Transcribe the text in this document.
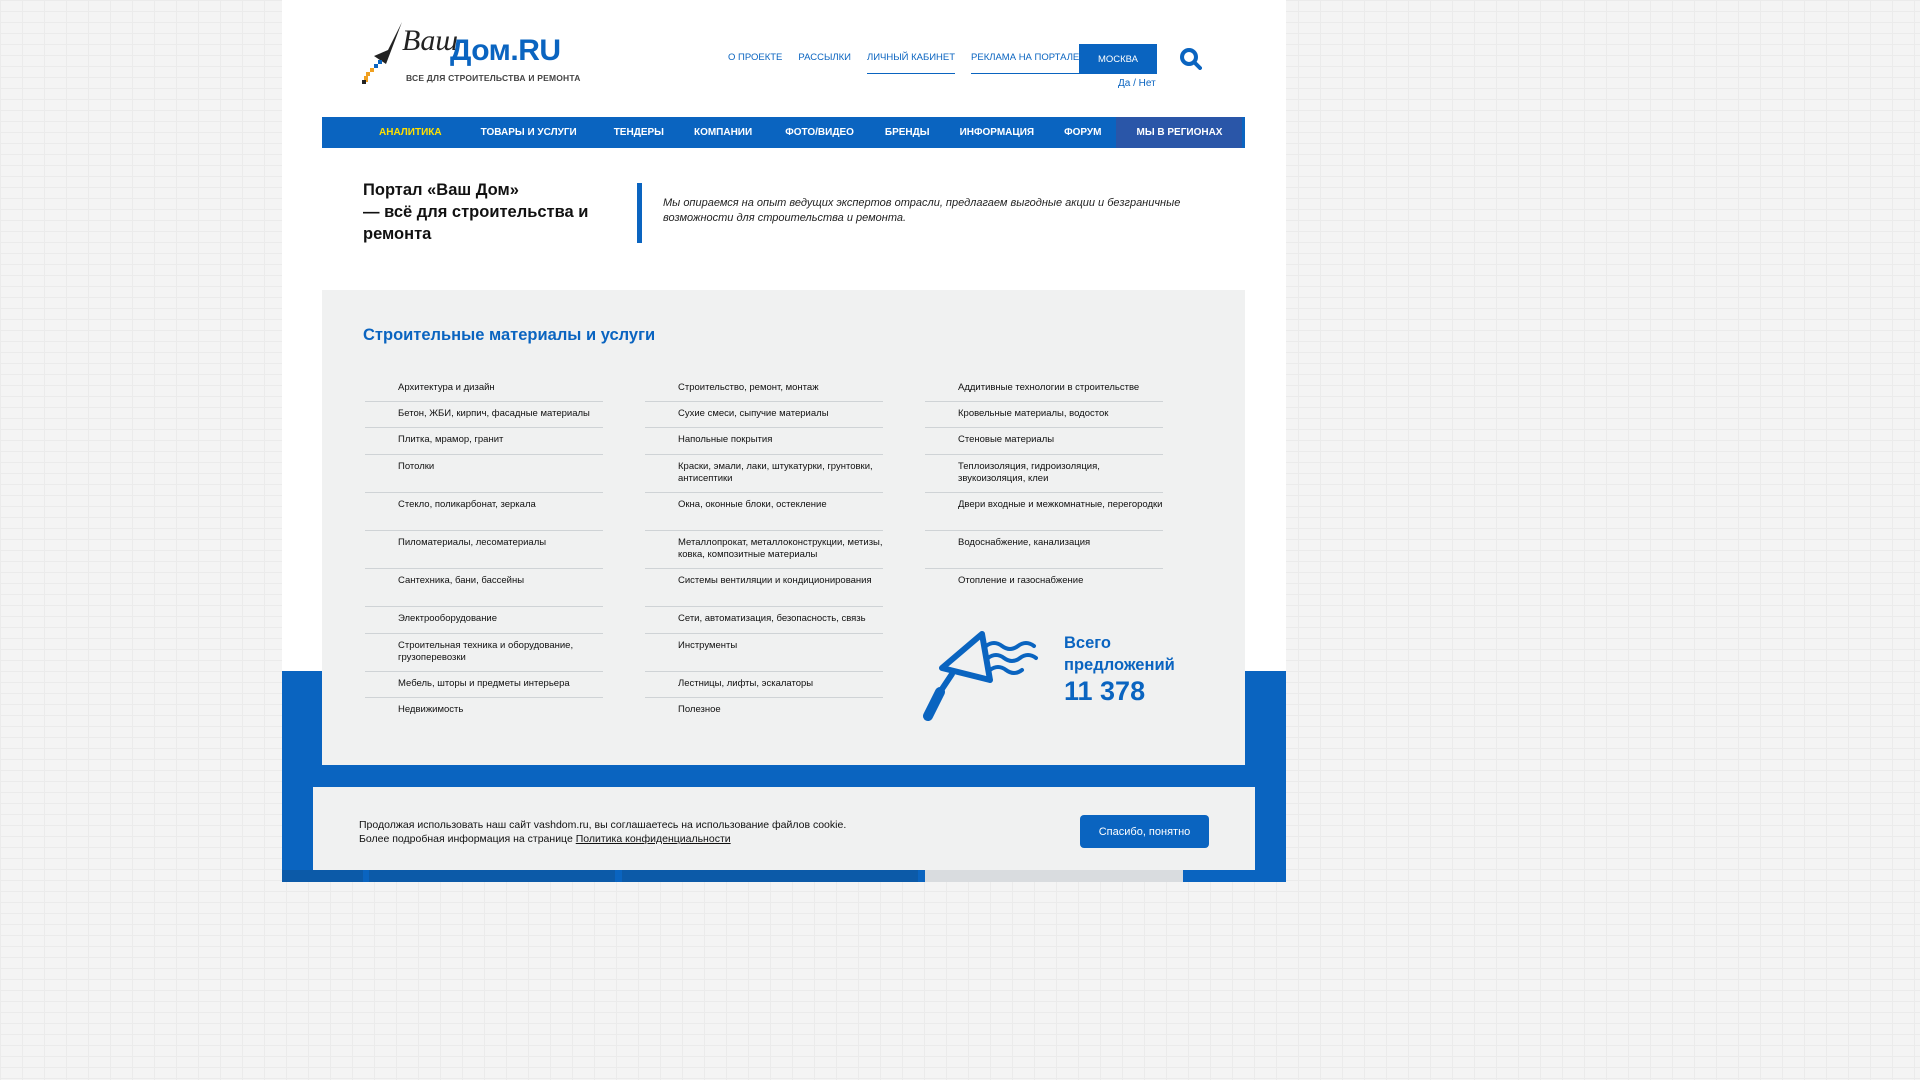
Ваш
Дом.RU
ВСЕ ДЛЯ СТРОИТЕЛЬСТВА И РЕМОНТА
О ПРОЕКТЕ РАССЫЛКИ ЛИЧНЫЙ КАБИНЕТ РЕКЛАМА НА ПОРТАЛЕ	МОСКВА
Да / Нет
АНАЛИТИКА	ТОВАРЫ И УСЛУГИ	ТЕНДЕРЫ	КОМПАНИИ	ФОТО/ВИДЕО	БРЕНДЫ	ИНФОРМАЦИЯ	ФОРУМ	МЫ В РЕГИОНАХ
Портал «Ваш Дом»
— всё для строительства и
ремонта
Мы опираемся на опыт ведущих экспертов отрасли, предлагаем выгодные акции и безграничные возможности для строительства и ремонта.
Строительные материалы и услуги
Архитектура и дизайн
Бетон, ЖБИ, кирпич, фасадные материалы
Плитка, мрамор, гранит
Потолки
Стекло, поликарбонат, зеркала
Пиломатериалы, лесоматериалы
Сантехника, бани, бассейны
Электрооборудование
Строительная техника и оборудование, грузоперевозки
Мебель, шторы и предметы интерьера
Недвижимость
Строительство, ремонт, монтаж
Сухие смеси, сыпучие материалы
Напольные покрытия
Краски, эмали, лаки, штукатурки, грунтовки, антисептики
Окна, оконные блоки, остекление
Металлопрокат, металлоконструкции, метизы, ковка, композитные материалы
Системы вентиляции и кондиционирования
Сети, автоматизация, безопасность, связь
Инструменты
Лестницы, лифты, эскалаторы
Полезное
Аддитивные технологии в строительстве
Кровельные материалы, водосток
Стеновые материалы
Теплоизоляция, гидроизоляция, звукоизоляция, клеи
Двери входные и межкомнатные, перегородки
Водоснабжение, канализация
Отопление и газоснабжение
Всего
предложений
11 378
Продолжая использовать наш сайт vashdom.ru, вы соглашаетесь на использование файлов cookie.
Более подробная информация на странице Политика конфиденциальности
Спасибо, понятно
